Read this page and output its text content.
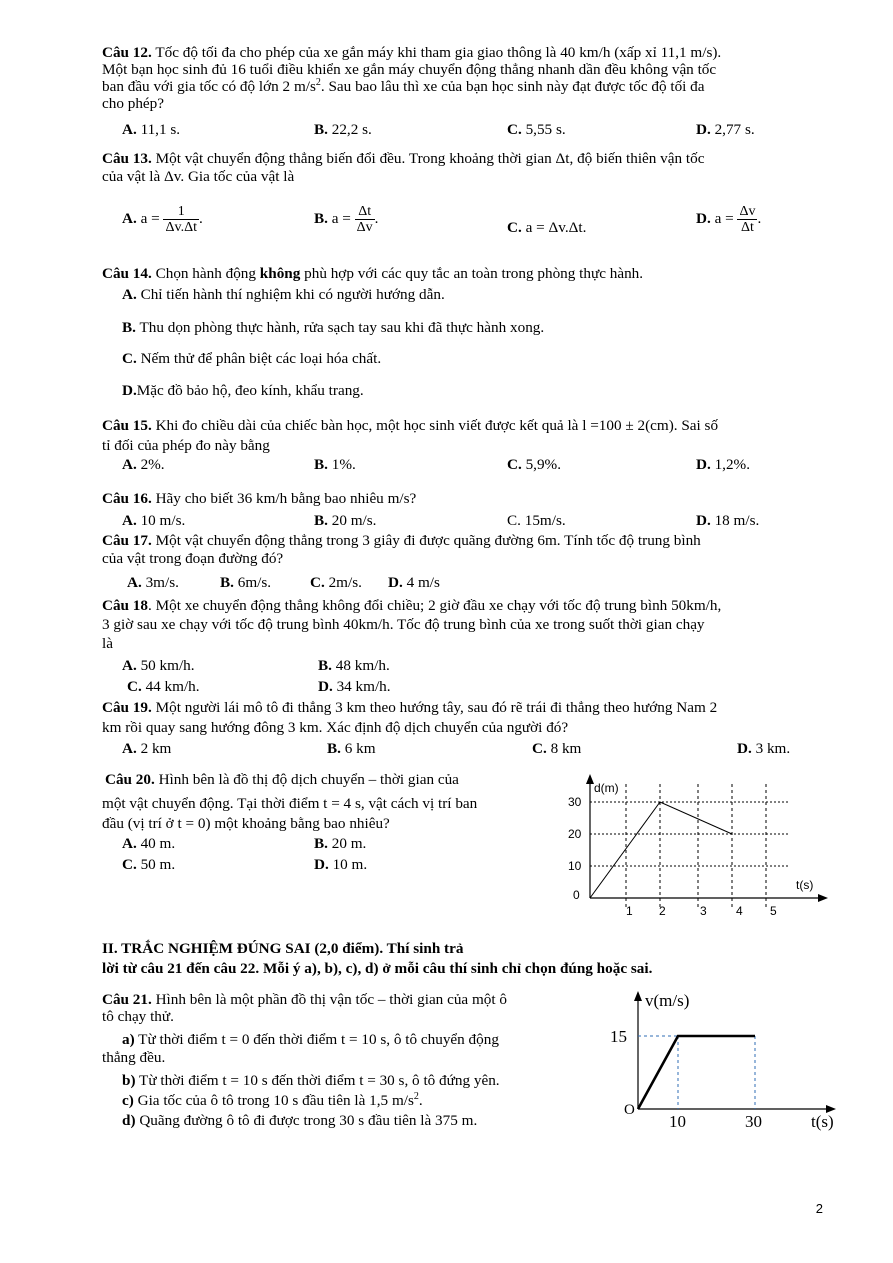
Câu 12. Tốc độ tối đa cho phép của xe gắn máy khi tham gia giao thông là 40 km/h (xấp xỉ 11,1 m/s).
Một bạn học sinh đủ 16 tuổi điều khiển xe gắn máy chuyển động thẳng nhanh dần đều không vận tốc
ban đầu với gia tốc có độ lớn 2 $m/s^2$. Sau bao lâu thì xe của bạn học sinh này đạt được tốc độ tối đa
cho phép?
A. 11,1 s.	B. 22,2 s.	C. 5,55 s.	D. 2,77 s.
Câu 13. Một vật chuyển động thẳng biến đổi đều. Trong khoảng thời gian Δt, độ biến thiên vận tốc
của vật là Δv. Gia tốc của vật là
A. $a = \frac{1}{\Delta v.\Delta t}$ .	B. $a = \frac{\Delta t}{\Delta v}$ .
C. a = Δv.Δt.
D. $a = \frac{\Delta v}{\Delta t}$ .
Câu 14. Chọn hành động không phù hợp với các quy tắc an toàn trong phòng thực hành.
A. Chỉ tiến hành thí nghiệm khi có người hướng dẫn.
B. Thu dọn phòng thực hành, rửa sạch tay sau khi đã thực hành xong.
C. Nếm thử để phân biệt các loại hóa chất.
D.Mặc đồ bảo hộ, đeo kính, khẩu trang.
Câu 15. Khi đo chiều dài của chiếc bàn học, một học sinh viết được kết quả là l =100 ± 2(cm). Sai số
tỉ đối của phép đo này bằng
A. 2%.	B. 1%.	C. 5,9%.	D. 1,2%.
Câu 16. Hãy cho biết 36 km/h bằng bao nhiêu m/s?
A. 10 m/s.	B. 20 m/s.	C. 15m/s.	D. 18 m/s.
Câu 17. Một vật chuyển động thẳng trong 3 giây đi được quãng đường 6m. Tính tốc độ trung bình
của vật trong đoạn đường đó?
A. 3m/s.	B. 6m/s.	C. 2m/s. D. 4 m/s
Câu 18. Một xe chuyển động thẳng không đổi chiều; 2 giờ đầu xe chạy với tốc độ trung bình 50km/h,
3 giờ sau xe chạy với tốc độ trung bình 40km/h. Tốc độ trung bình của xe trong suốt thời gian chạy
là
A. 50 km/h.	B. 48 km/h.
C. 44 km/h.	D. 34 km/h.
Câu 19. Một người lái mô tô đi thẳng 3 km theo hướng tây, sau đó rẽ trái đi thẳng theo hướng Nam 2
km rồi quay sang hướng đông 3 km. Xác định độ dịch chuyển của người đó?
A. 2 km	B. 6 km	C. 8 km	D. 3 km.
Câu 20. Hình bên là đồ thị độ dịch chuyển – thời gian của
một vật chuyển động. Tại thời điểm t = 4 s, vật cách vị trí ban
đầu (vị trí ở t = 0) một khoảng bằng bao nhiêu?
A. 40 m.	B. 20 m.
C. 50 m.	D. 10 m.
d(m)
t(s)
30
20
10
0
1 2	3 4 5
II. TRẮC NGHIỆM ĐÚNG SAI (2,0 điểm). Thí sinh trả
lời từ câu 21 đến câu 22. Mỗi ý a), b), c), d) ở mỗi câu thí sinh chỉ chọn đúng hoặc sai.
Câu 21. Hình bên là một phần đồ thị vận tốc – thời gian của một ô
tô chạy thử.
a) Từ thời điểm t = 0 đến thời điểm t = 10 s, ô tô chuyển động
thẳng đều.
b) Từ thời điểm t = 10 s đến thời điểm t = 30 s, ô tô đứng yên.
c) Gia tốc của ô tô trong 10 s đầu tiên là 1,5 $m/s^2$.
d) Quãng đường ô tô đi được trong 30 s đầu tiên là 375 m.
v(m/s)
15
O
10	30	t(s)
2
